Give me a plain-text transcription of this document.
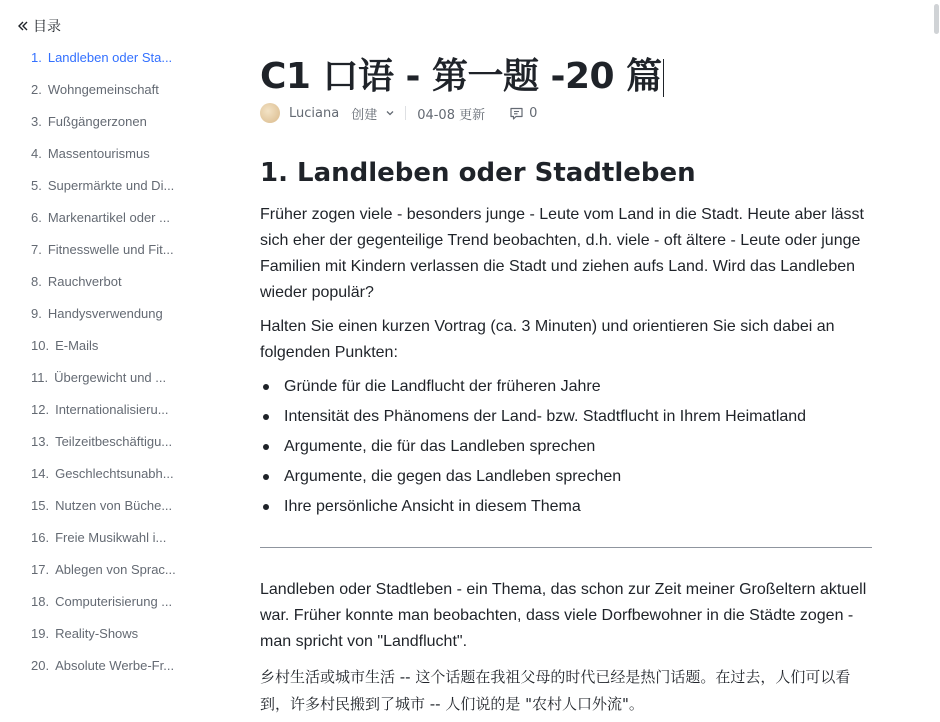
目录
1. Landleben oder Sta...
2. Wohngemeinschaft
3. Fußgängerzonen
4. Massentourismus
5. Supermärkte und Di...
6. Markenartikel oder ...
7. Fitnesswelle und Fit...
8. Rauchverbot
9. Handysverwendung
10. E-Mails
11. Übergewicht und ...
12. Internationalisieru...
13. Teilzeitbeschäftigu...
14. Geschlechtsunabh...
15. Nutzen von Büche...
16. Freie Musikwahl i...
17. Ablegen von Sprac...
18. Computerisierung ...
19. Reality-Shows
20. Absolute Werbe-Fr...
C1 口语 - 第一题 -20 篇
Luciana 创建	04-08 更新	0
1. Landleben oder Stadtleben

Früher zogen viele - besonders junge - Leute vom Land in die Stadt. Heute aber lässt sich eher der gegenteilige Trend beobachten, d.h. viele - oft ältere - Leute oder junge Familien mit Kindern verlassen die Stadt und ziehen aufs Land. Wird das Landleben wieder populär?

Halten Sie einen kurzen Vortrag (ca. 3 Minuten) und orientieren Sie sich dabei an folgenden Punkten:

Gründe für die Landflucht der früheren Jahre
Intensität des Phänomens der Land- bzw. Stadtflucht in Ihrem Heimatland
Argumente, die für das Landleben sprechen
Argumente, die gegen das Landleben sprechen
Ihre persönliche Ansicht in diesem Thema

Landleben oder Stadtleben - ein Thema, das schon zur Zeit meiner Großeltern aktuell war. Früher konnte man beobachten, dass viele Dorfbewohner in die Städte zogen - man spricht von "Landflucht".

乡村生活或城市生活 -- 这个话题在我祖父母的时代已经是热门话题。在过去，人们可以看到，许多村民搬到了城市 -- 人们说的是 "农村人口外流"。
